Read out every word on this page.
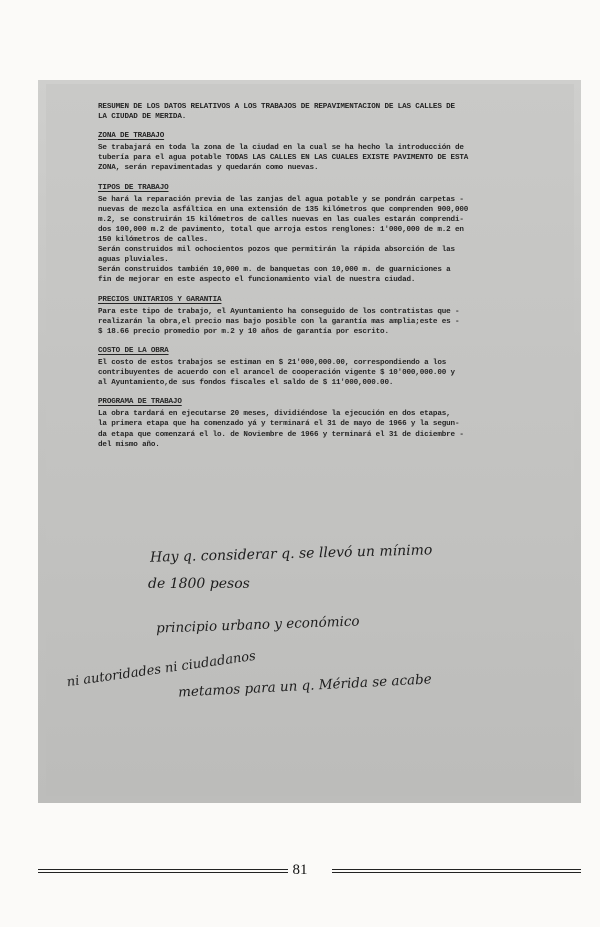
RESUMEN DE LOS DATOS RELATIVOS A LOS TRABAJOS DE REPAVIMENTACION DE LAS CALLES DE
LA CIUDAD DE MERIDA.
ZONA DE TRABAJO
Se trabajará en toda la zona de la ciudad en la cual se ha hecho la introducción de
tubería para el agua potable TODAS LAS CALLES EN LAS CUALES EXISTE PAVIMENTO DE ESTA
ZONA, serán repavimentadas y quedarán como nuevas.
TIPOS DE TRABAJO
Se hará la reparación previa de las zanjas del agua potable y se pondrán carpetas -
nuevas de mezcla asfáltica en una extensión de 135 kilómetros que comprenden 900,000
m.2, se construirán 15 kilómetros de calles nuevas en las cuales estarán comprendi-
dos 100,000 m.2 de pavimento, total que arroja estos renglones: 1'000,000 de m.2 en
150 kilómetros de calles.
Serán construidos mil ochocientos pozos que permitirán la rápida absorción de las
aguas pluviales.
Serán construidos también 10,000 m. de banquetas con 10,000 m. de guarniciones a
fin de mejorar en este aspecto el funcionamiento vial de nuestra ciudad.
PRECIOS UNITARIOS Y GARANTIA
Para este tipo de trabajo, el Ayuntamiento ha conseguido de los contratistas que -
realizarán la obra,el precio mas bajo posible con la garantía mas amplia;este es -
$ 18.66 precio promedio por m.2 y 10 años de garantía por escrito.
COSTO DE LA OBRA
El costo de estos trabajos se estiman en $ 21'000,000.00, correspondiendo a los
contribuyentes de acuerdo con el arancel de cooperación vigente $ 10'000,000.00 y
al Ayuntamiento,de sus fondos fiscales el saldo de $ 11'000,000.00.
PROGRAMA DE TRABAJO
La obra tardará en ejecutarse 20 meses, dividiéndose la ejecución en dos etapas,
la primera etapa que ha comenzado yá y terminará el 31 de mayo de 1966 y la segun-
da etapa que comenzará el lo. de Noviembre de 1966 y terminará el 31 de diciembre -
del mismo año.
Hay q. considerar q. se llevó un mínimo
de 1800 pesos
principio urbano y económico
ni autoridades ni ciudadanos
metamos para un q. Mérida se acabe
81
